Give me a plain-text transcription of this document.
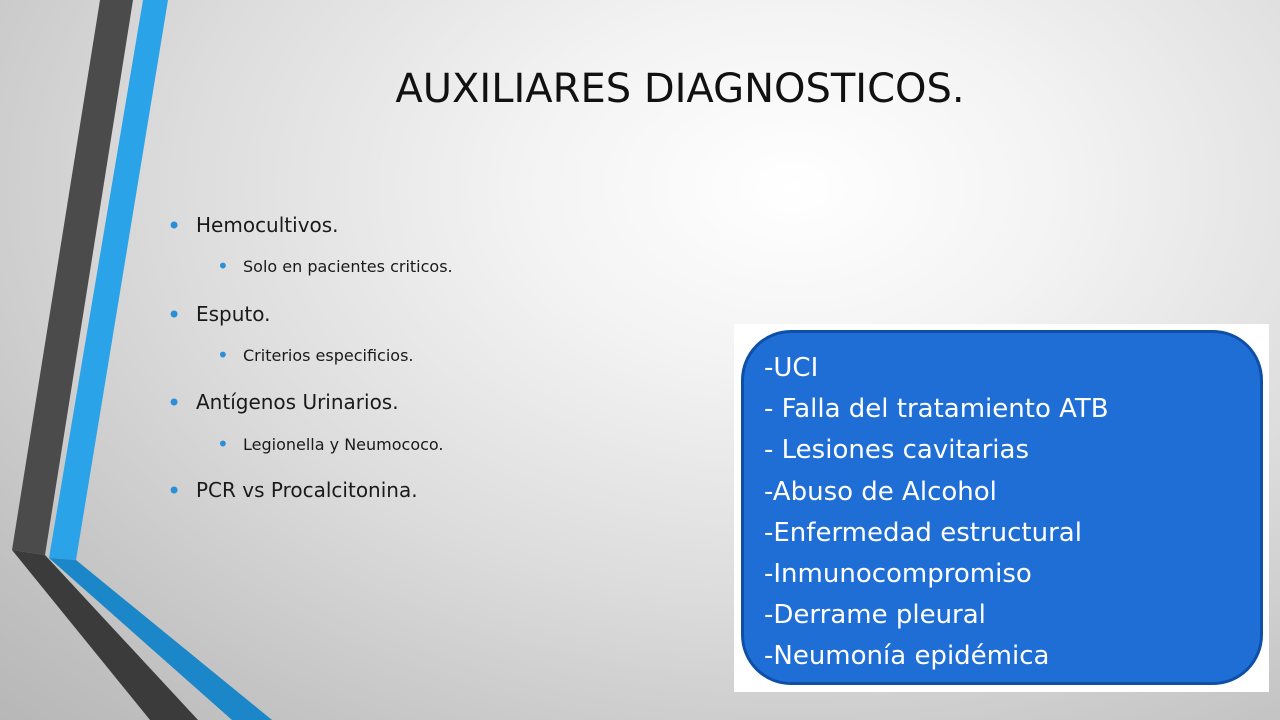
AUXILIARES DIAGNOSTICOS.
• Hemocultivos.
• Solo en pacientes criticos.
• Esputo.
• Criterios especificios.
• Antígenos Urinarios.
• Legionella y Neumococo.
• PCR vs Procalcitonina.
-UCI
- Falla del tratamiento ATB
- Lesiones cavitarias
-Abuso de Alcohol
-Enfermedad estructural
-Inmunocompromiso
-Derrame pleural
-Neumonía epidémica
